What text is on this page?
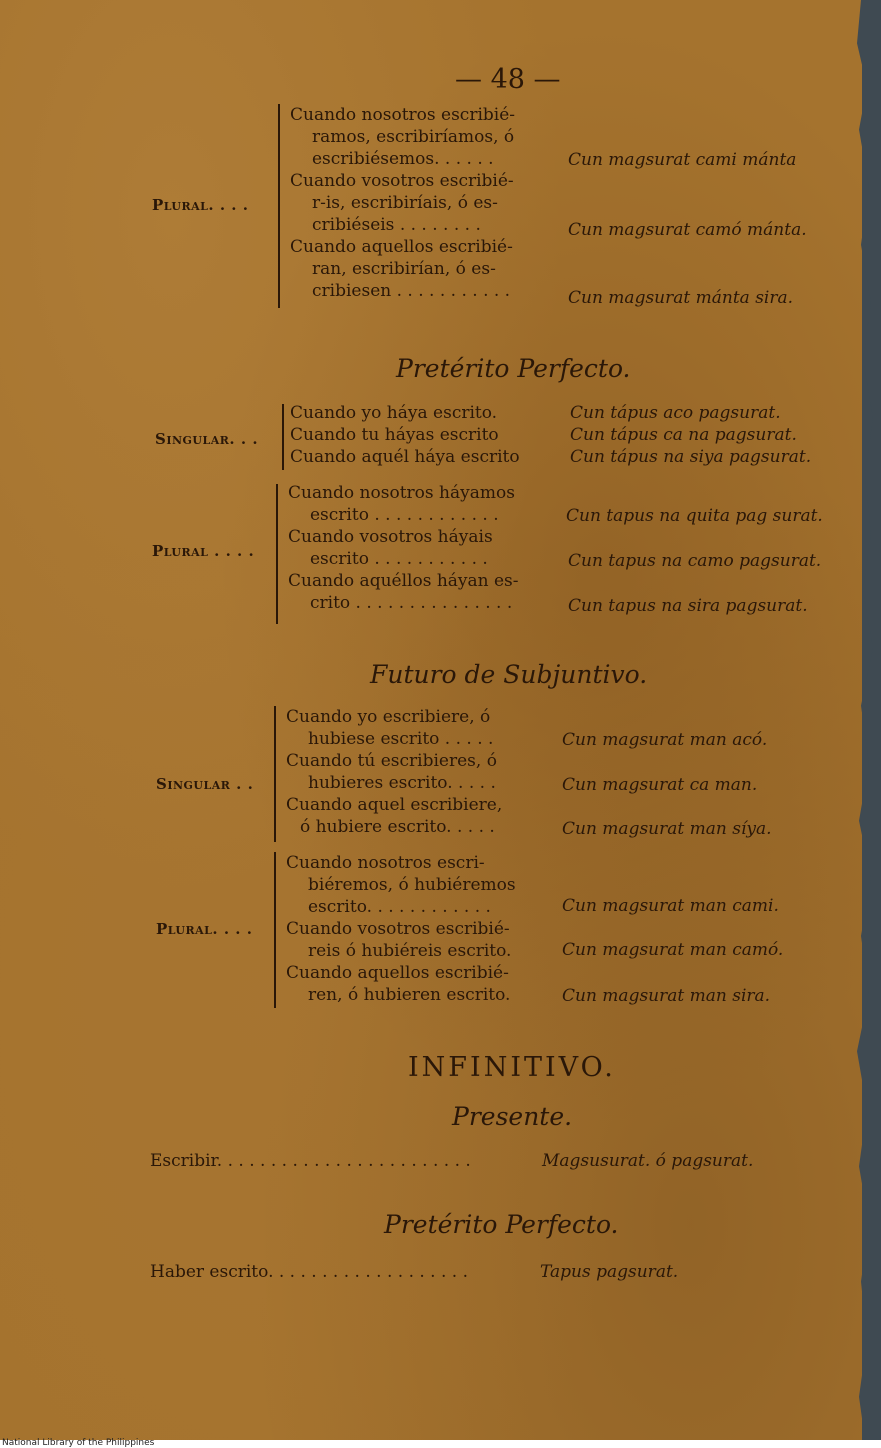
— 48 —
Plural. . . .
Cuando nosotros escribié-
ramos, escribiríamos, ó
escribiésemos. . . . . .
Cuando vosotros escribié-
r-is, escribiríais, ó es-
cribiéseis . . . . . . . .
Cuando aquellos escribié-
ran, escribirían, ó es-
cribiesen . . . . . . . . . . .
Cun magsurat cami mánta
Cun magsurat camó mánta.
Cun magsurat mánta sira.
Pretérito Perfecto.
Singular. . .
Cuando yo háya escrito.
Cuando tu háyas escrito
Cuando aquél háya escrito
Cun tápus aco pagsurat.
Cun tápus ca na pagsurat.
Cun tápus na siya pagsurat.
Plural . . . .
Cuando nosotros háyamos
escrito . . . . . . . . . . . .
Cuando vosotros háyais
escrito . . . . . . . . . . .
Cuando aquéllos háyan es-
crito . . . . . . . . . . . . . . .
Cun tapus na quita pag surat.
Cun tapus na camo pagsurat.
Cun tapus na sira pagsurat.
Futuro de Subjuntivo.
Singular . .
Cuando yo escribiere, ó
hubiese escrito . . . . .
Cuando tú escribieres, ó
hubieres escrito. . . . .
Cuando aquel escribiere,
ó hubiere escrito. . . . .
Cun magsurat man acó.
Cun magsurat ca man.
Cun magsurat man síya.
Plural. . . .
Cuando nosotros escri-
biéremos, ó hubiéremos
escrito. . . . . . . . . . . .
Cuando vosotros escribié-
reis ó hubiéreis escrito.
Cuando aquellos escribié-
ren, ó hubieren escrito.
Cun magsurat man cami.
Cun magsurat man camó.
Cun magsurat man sira.
INFINITIVO.
Presente.
Escribir. . . . . . . . . . . . . . . . . . . . . . . .	Magsusurat. ó pagsurat.
Pretérito Perfecto.
Haber escrito. . . . . . . . . . . . . . . . . . .	Tapus pagsurat.
National Library of the Philippines
